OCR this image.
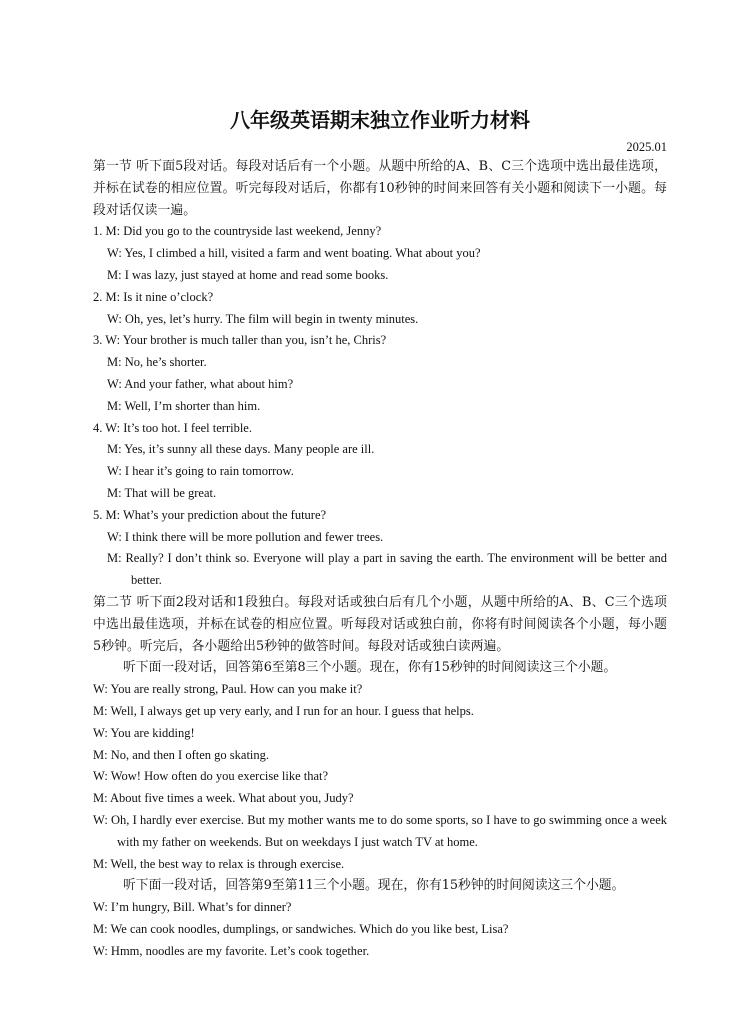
八年级英语期末独立作业听力材料
2025.01
第一节 听下面5段对话。每段对话后有一个小题。从题中所给的A、B、C三个选项中选出最佳选项，并标在试卷的相应位置。听完每段对话后，你都有10秒钟的时间来回答有关小题和阅读下一小题。每段对话仅读一遍。
1. M: Did you go to the countryside last weekend, Jenny?
W: Yes, I climbed a hill, visited a farm and went boating. What about you?
M: I was lazy, just stayed at home and read some books.
2. M: Is it nine o’clock?
W: Oh, yes, let’s hurry. The film will begin in twenty minutes.
3. W: Your brother is much taller than you, isn’t he, Chris?
M: No, he’s shorter.
W: And your father, what about him?
M: Well, I’m shorter than him.
4. W: It’s too hot. I feel terrible.
M: Yes, it’s sunny all these days. Many people are ill.
W: I hear it’s going to rain tomorrow.
M: That will be great.
5. M: What’s your prediction about the future?
W: I think there will be more pollution and fewer trees.
M: Really? I don’t think so. Everyone will play a part in saving the earth. The environment will be better and better.
第二节 听下面2段对话和1段独白。每段对话或独白后有几个小题，从题中所给的A、B、C三个选项中选出最佳选项，并标在试卷的相应位置。听每段对话或独白前，你将有时间阅读各个小题，每小题5秒钟。听完后，各小题给出5秒钟的做答时间。每段对话或独白读两遍。
听下面一段对话，回答第6至第8三个小题。现在，你有15秒钟的时间阅读这三个小题。
W: You are really strong, Paul. How can you make it?
M: Well, I always get up very early, and I run for an hour. I guess that helps.
W: You are kidding!
M: No, and then I often go skating.
W: Wow! How often do you exercise like that?
M: About five times a week. What about you, Judy?
W: Oh, I hardly ever exercise. But my mother wants me to do some sports, so I have to go swimming once a week with my father on weekends. But on weekdays I just watch TV at home.
M: Well, the best way to relax is through exercise.
听下面一段对话，回答第9至第11三个小题。现在，你有15秒钟的时间阅读这三个小题。
W: I’m hungry, Bill. What’s for dinner?
M: We can cook noodles, dumplings, or sandwiches. Which do you like best, Lisa?
W: Hmm, noodles are my favorite. Let’s cook together.
